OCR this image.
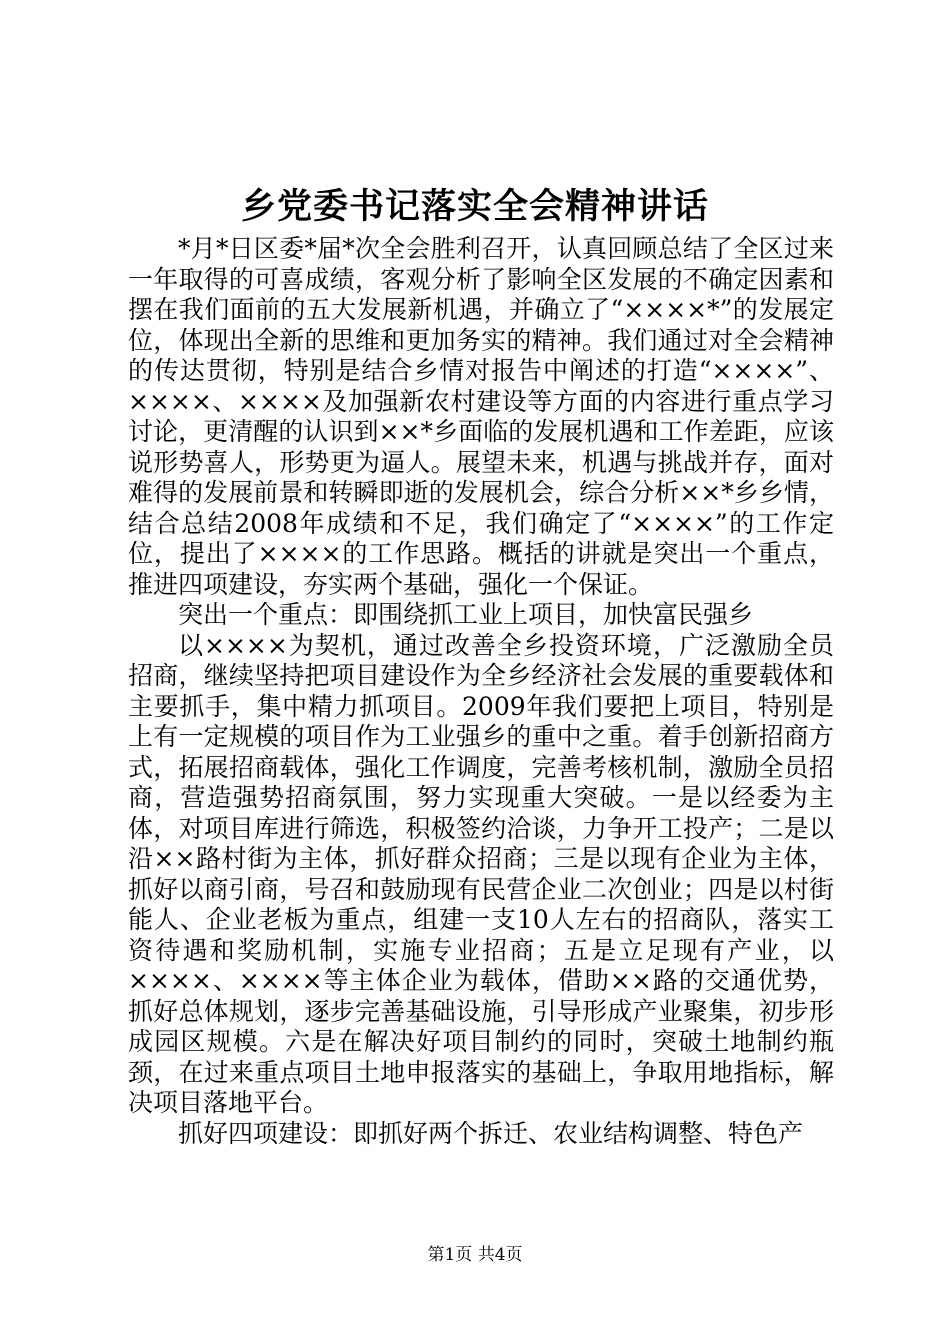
乡党委书记落实全会精神讲话

*月*日区委*届*次全会胜利召开，认真回顾总结了全区过来一年取得的可喜成绩，客观分析了影响全区发展的不确定因素和摆在我们面前的五大发展新机遇，并确立了“××××*”的发展定位，体现出全新的思维和更加务实的精神。我们通过对全会精神的传达贯彻，特别是结合乡情对报告中阐述的打造“××××”、××××、××××及加强新农村建设等方面的内容进行重点学习讨论，更清醒的认识到××*乡面临的发展机遇和工作差距，应该说形势喜人，形势更为逼人。展望未来，机遇与挑战并存，面对难得的发展前景和转瞬即逝的发展机会，综合分析××*乡乡情，结合总结2008年成绩和不足，我们确定了“××××”的工作定位，提出了××××的工作思路。概括的讲就是突出一个重点，推进四项建设，夯实两个基础，强化一个保证。

突出一个重点：即围绕抓工业上项目，加快富民强乡

以××××为契机，通过改善全乡投资环境，广泛激励全员招商，继续坚持把项目建设作为全乡经济社会发展的重要载体和主要抓手，集中精力抓项目。2009年我们要把上项目，特别是上有一定规模的项目作为工业强乡的重中之重。着手创新招商方式，拓展招商载体，强化工作调度，完善考核机制，激励全员招商，营造强势招商氛围，努力实现重大突破。一是以经委为主体，对项目库进行筛选，积极签约洽谈，力争开工投产；二是以沿××路村街为主体，抓好群众招商；三是以现有企业为主体，抓好以商引商，号召和鼓励现有民营企业二次创业；四是以村街能人、企业老板为重点，组建一支10人左右的招商队，落实工资待遇和奖励机制，实施专业招商；五是立足现有产业，以××××、××××等主体企业为载体，借助××路的交通优势，抓好总体规划，逐步完善基础设施，引导形成产业聚集，初步形成园区规模。六是在解决好项目制约的同时，突破土地制约瓶颈，在过来重点项目土地申报落实的基础上，争取用地指标，解决项目落地平台。

抓好四项建设：即抓好两个拆迁、农业结构调整、特色产

第1页 共4页
